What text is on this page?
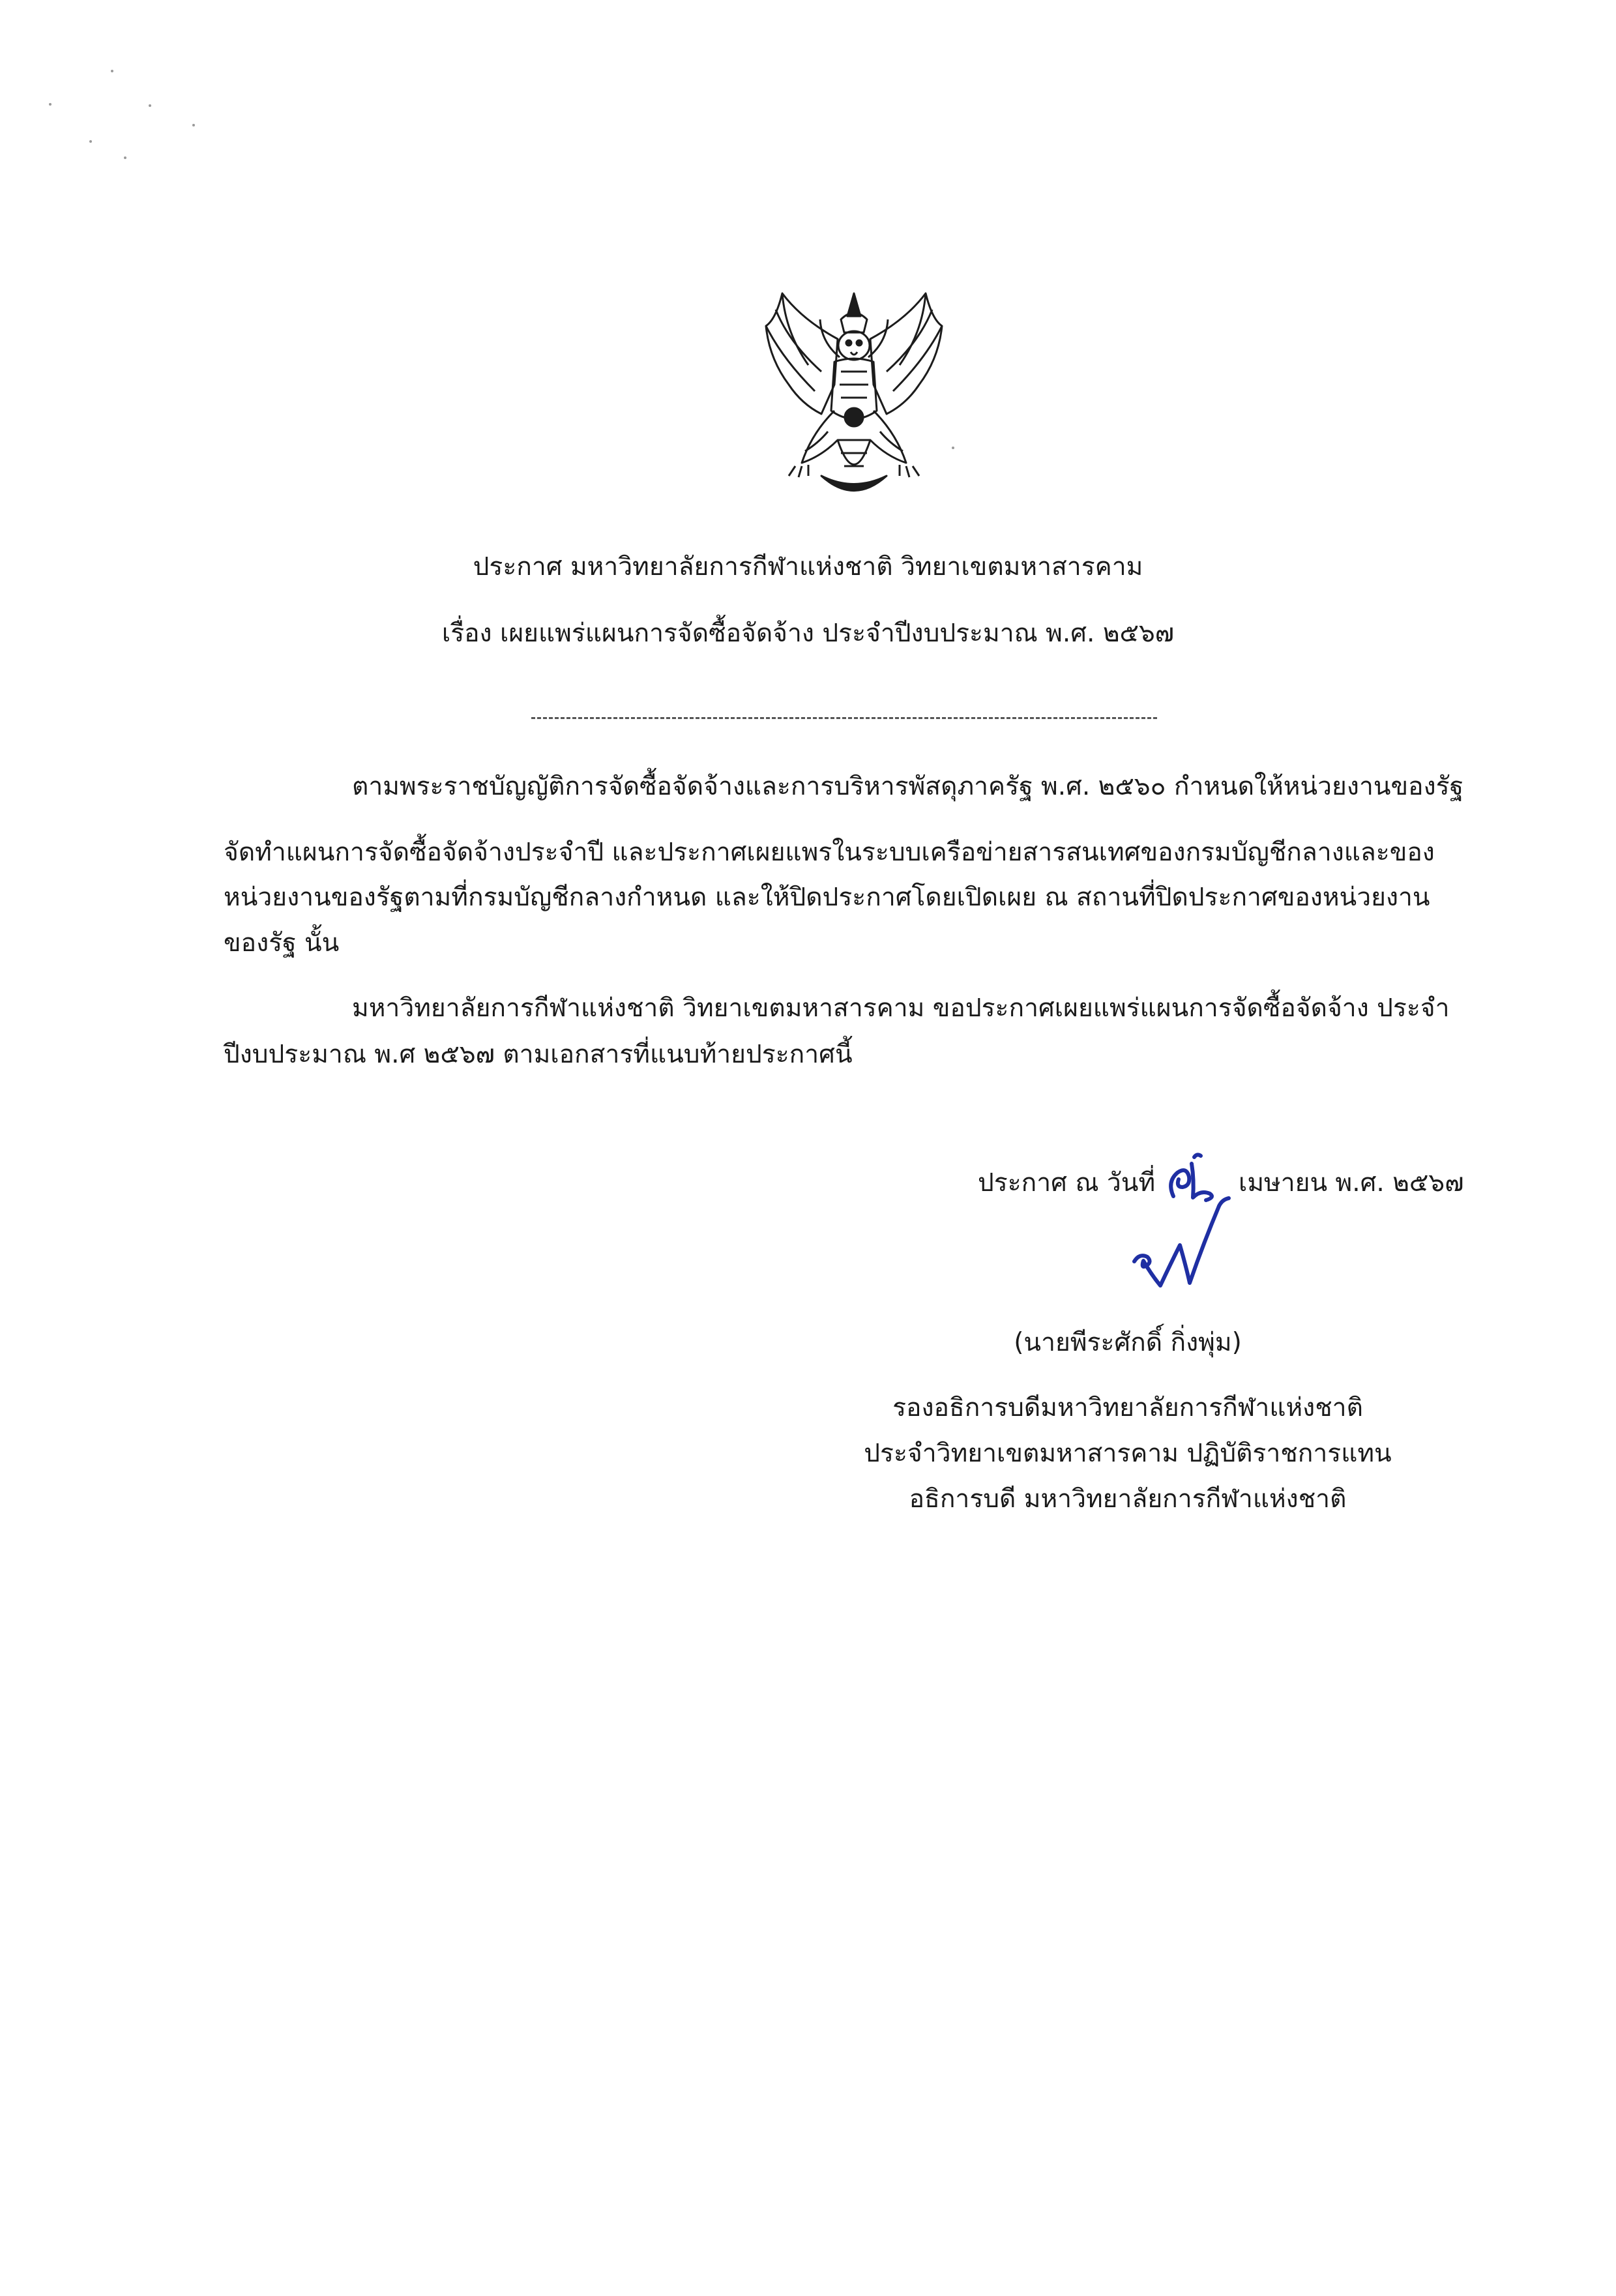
ประกาศ มหาวิทยาลัยการกีฬาแห่งชาติ วิทยาเขตมหาสารคาม
เรื่อง เผยแพร่แผนการจัดซื้อจัดจ้าง ประจำปีงบประมาณ พ.ศ. ๒๕๖๗
ตามพระราชบัญญัติการจัดซื้อจัดจ้างและการบริหารพัสดุภาครัฐ พ.ศ. ๒๕๖๐ กำหนดให้หน่วยงานของรัฐ
จัดทำแผนการจัดซื้อจัดจ้างประจำปี และประกาศเผยแพรในระบบเครือข่ายสารสนเทศของกรมบัญชีกลางและของ
หน่วยงานของรัฐตามที่กรมบัญชีกลางกำหนด และให้ปิดประกาศโดยเปิดเผย ณ สถานที่ปิดประกาศของหน่วยงาน
ของรัฐ นั้น
มหาวิทยาลัยการกีฬาแห่งชาติ วิทยาเขตมหาสารคาม ขอประกาศเผยแพร่แผนการจัดซื้อจัดจ้าง ประจำ
ปีงบประมาณ พ.ศ ๒๕๖๗ ตามเอกสารที่แนบท้ายประกาศนี้
ประกาศ ณ วันที่	เมษายน พ.ศ. ๒๕๖๗
(นายพีระศักดิ์ กิ่งพุ่ม)
รองอธิการบดีมหาวิทยาลัยการกีฬาแห่งชาติ
ประจำวิทยาเขตมหาสารคาม ปฏิบัติราชการแทน
อธิการบดี มหาวิทยาลัยการกีฬาแห่งชาติ
